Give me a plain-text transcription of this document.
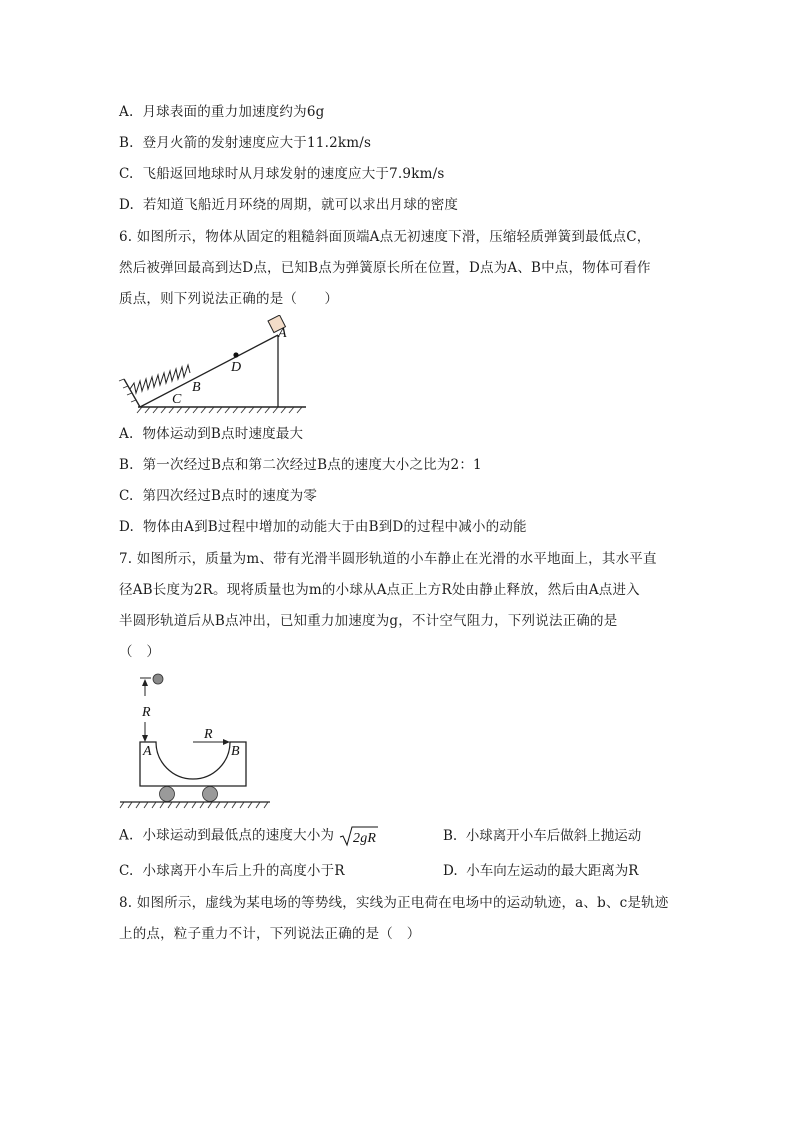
A. 月球表面的重力加速度约为6g
B. 登月火箭的发射速度应大于11.2km/s
C. 飞船返回地球时从月球发射的速度应大于7.9km/s
D. 若知道飞船近月环绕的周期，就可以求出月球的密度
6. 如图所示，物体从固定的粗糙斜面顶端A点无初速度下滑，压缩轻质弹簧到最低点C，
然后被弹回最高到达D点，已知B点为弹簧原长所在位置，D点为A、B中点，物体可看作
质点，则下列说法正确的是（　　）
A
D
B
C
A. 物体运动到B点时速度最大
B. 第一次经过B点和第二次经过B点的速度大小之比为2：1
C. 第四次经过B点时的速度为零
D. 物体由A到B过程中增加的动能大于由B到D的过程中减小的动能
7. 如图所示，质量为m、带有光滑半圆形轨道的小车静止在光滑的水平地面上，其水平直
径AB长度为2R。现将质量也为m的小球从A点正上方R处由静止释放，然后由A点进入
半圆形轨道后从B点冲出，已知重力加速度为g，不计空气阻力，下列说法正确的是
（　）
R
R
A	B
A. 小球运动到最低点的速度大小为 2gR	B. 小球离开小车后做斜上抛运动
C. 小球离开小车后上升的高度小于R	D. 小车向左运动的最大距离为R
8. 如图所示，虚线为某电场的等势线，实线为正电荷在电场中的运动轨迹，a、b、c是轨迹
上的点，粒子重力不计，下列说法正确的是（　）
